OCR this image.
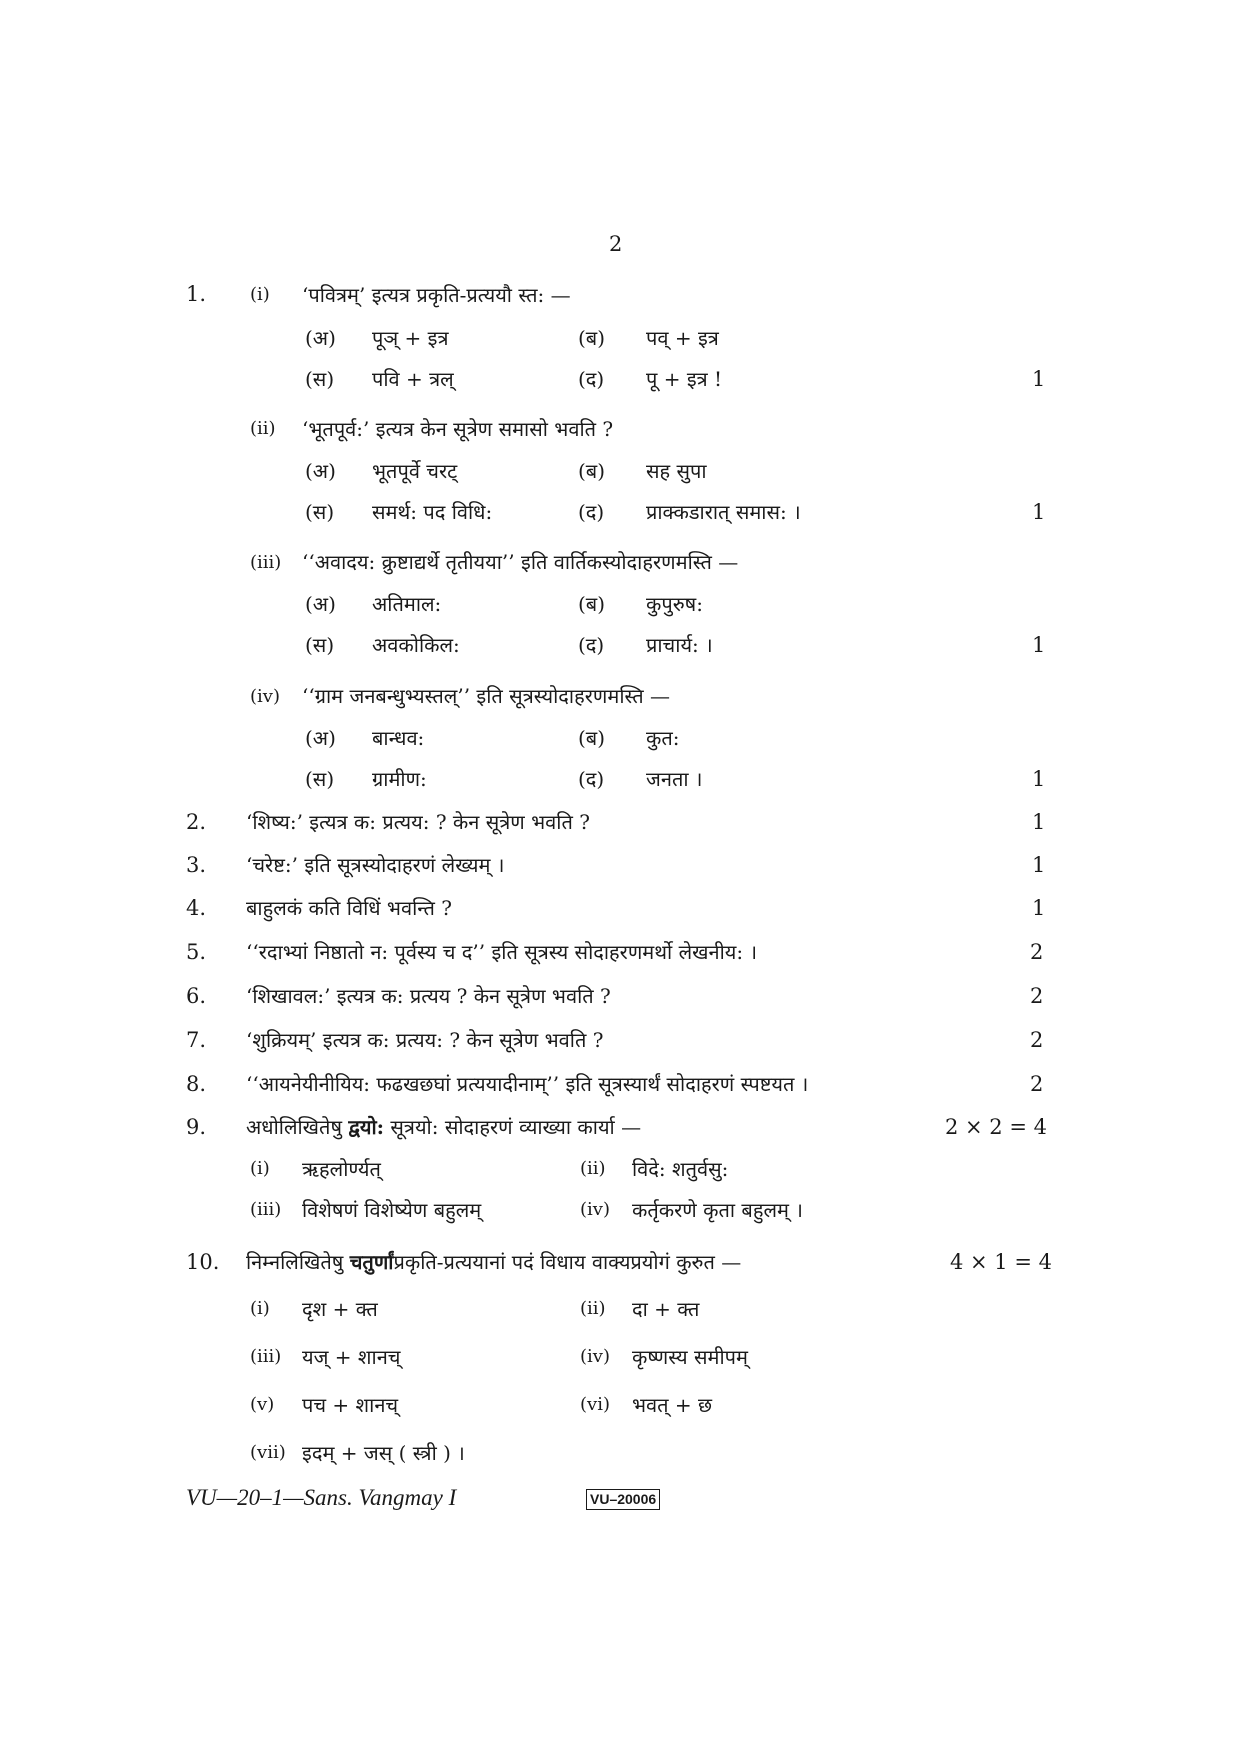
2
1. (i) ‘पवित्रम्’ इत्यत्र प्रकृति-प्रत्ययौ स्त: —
(अ) पूञ् + इत्र	(ब) पव् + इत्र
(स) पवि + त्रल्	(द) पू + इत्र !	1
(ii) ‘भूतपूर्व:’ इत्यत्र केन सूत्रेण समासो भवति ?
(अ) भूतपूर्वे चरट्	(ब) सह सुपा
(स) समर्थ: पद विधि:	(द) प्राक्कडारात् समास: ।	1
(iii) ‘‘अवादय: क्रुष्टाद्यर्थे तृतीयया’’ इति वार्तिकस्योदाहरणमस्ति —
(अ) अतिमाल:	(ब) कुपुरुष:
(स) अवकोकिल:	(द) प्राचार्य: ।	1
(iv) ‘‘ग्राम जनबन्धुभ्यस्तल्’’ इति सूत्रस्योदाहरणमस्ति —
(अ) बान्धव:	(ब) कुत:
(स) ग्रामीण:	(द) जनता ।	1
2. ‘शिष्य:’ इत्यत्र क: प्रत्यय: ? केन सूत्रेण भवति ?	1
3. ‘चरेष्ट:’ इति सूत्रस्योदाहरणं लेख्यम् ।	1
4. बाहुलकं कति विधिं भवन्ति ?	1
5. ‘‘रदाभ्यां निष्ठातो न: पूर्वस्य च द’’ इति सूत्रस्य सोदाहरणमर्थो लेखनीय: ।	2
6. ‘शिखावल:’ इत्यत्र क: प्रत्यय ? केन सूत्रेण भवति ?	2
7. ‘शुक्रियम्’ इत्यत्र क: प्रत्यय: ? केन सूत्रेण भवति ?	2
8. ‘‘आयनेयीनीयिय: फढखछघां प्रत्ययादीनाम्’’ इति सूत्रस्यार्थं सोदाहरणं स्पष्टयत ।	2
9. अधोलिखितेषु द्वयो: सूत्रयो: सोदाहरणं व्याख्या कार्या —	2 × 2 = 4
(i) ऋहलोर्ण्यत्	(ii) विदे: शतुर्वसु:
(iii) विशेषणं विशेष्येण बहुलम्	(iv) कर्तृकरणे कृता बहुलम् ।
10. निम्नलिखितेषु चतुर्णांप्रकृति-प्रत्ययानां पदं विधाय वाक्यप्रयोगं कुरुत —	4 × 1 = 4
(i) दृश + क्त	(ii) दा + क्त
(iii) यज् + शानच्	(iv) कृष्णस्य समीपम्
(v) पच + शानच्	(vi) भवत् + छ
(vii) इदम् + जस् ( स्त्री ) ।
VU—20–1—Sans. Vangmay I	VU–20006
